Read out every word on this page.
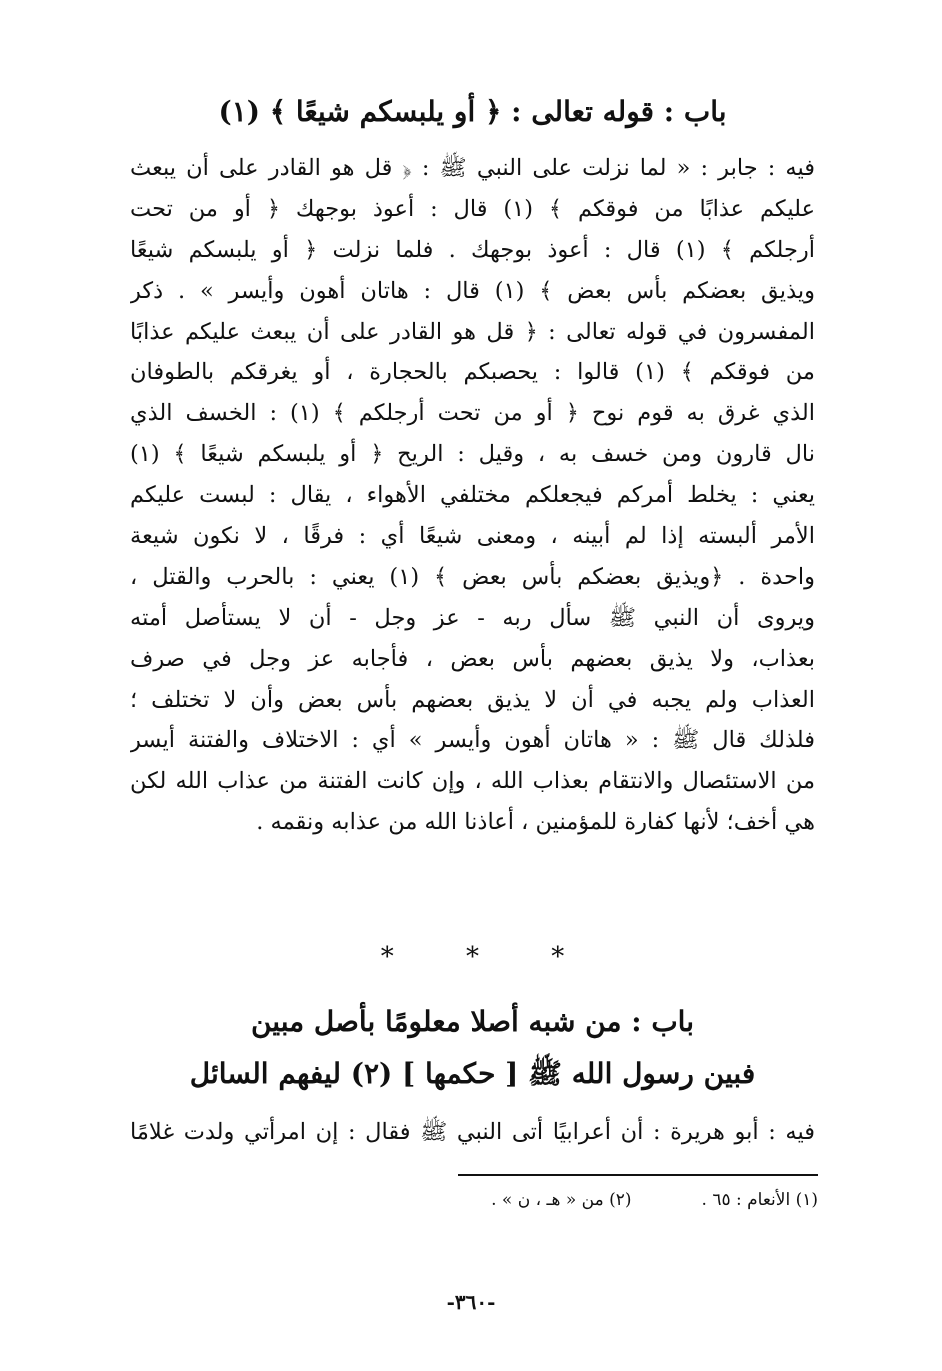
باب : قوله تعالى : ﴿ أو يلبسكم شيعًا ﴾ (١)
فيه : جابر : « لما نزلت على النبي ﷺ : ﴿ قل هو القادر على أن يبعث
عليكم عذابًا من فوقكم ﴾ (١) قال : أعوذ بوجهك ﴿ أو من تحت
أرجلكم ﴾ (١) قال : أعوذ بوجهك . فلما نزلت ﴿ أو يلبسكم شيعًا
ويذيق بعضكم بأس بعض ﴾ (١) قال : هاتان أهون وأيسر » . ذكر
المفسرون في قوله تعالى : ﴿ قل هو القادر على أن يبعث عليكم عذابًا
من فوقكم ﴾ (١) قالوا : يحصبكم بالحجارة ، أو يغرقكم بالطوفان
الذي غرق به قوم نوح ﴿ أو من تحت أرجلكم ﴾ (١) : الخسف الذي
نال قارون ومن خسف به ، وقيل : الريح ﴿ أو يلبسكم شيعًا ﴾ (١)
يعني : يخلط أمركم فيجعلكم مختلفي الأهواء ، يقال : لبست عليكم
الأمر ألبسته إذا لم أبينه ، ومعنى شيعًا أي : فرقًا ، لا نكون شيعة
واحدة . ﴿ويذيق بعضكم بأس بعض ﴾ (١) يعني : بالحرب والقتل ،
ويروى أن النبي ﷺ سأل ربه - عز وجل - أن لا يستأصل أمته
بعذاب، ولا يذيق بعضهم بأس بعض ، فأجابه عز وجل في صرف
العذاب ولم يجبه في أن لا يذيق بعضهم بأس بعض وأن لا تختلف ؛
فلذلك قال ﷺ : « هاتان أهون وأيسر » أي : الاختلاف والفتنة أيسر
من الاستئصال والانتقام بعذاب الله ، وإن كانت الفتنة من عذاب الله لكن
هي أخف؛ لأنها كفارة للمؤمنين ، أعاذنا الله من عذابه ونقمه .
*	*	*
باب : من شبه أصلا معلومًا بأصل مبين
فبين رسول الله ﷺ [ حكمها ] (٢) ليفهم السائل
فيه : أبو هريرة : أن أعرابيًا أتى النبي ﷺ فقال : إن امرأتي ولدت غلامًا
(١) الأنعام : ٦٥ .(٢) من « هـ ، ن » .
-٣٦٠-
